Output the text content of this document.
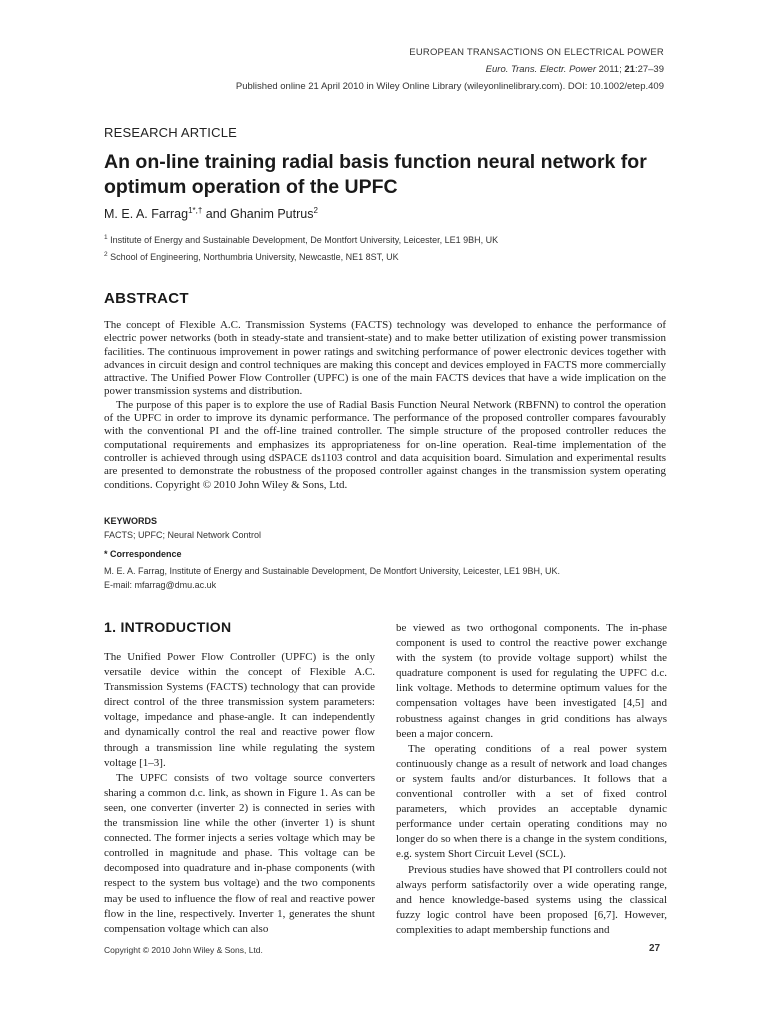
EUROPEAN TRANSACTIONS ON ELECTRICAL POWER
Euro. Trans. Electr. Power 2011; 21:27–39
Published online 21 April 2010 in Wiley Online Library (wileyonlinelibrary.com). DOI: 10.1002/etep.409
RESEARCH ARTICLE
An on-line training radial basis function neural network for optimum operation of the UPFC
M. E. A. Farrag$^{1*,\dagger}$ and Ghanim Putrus$^2$
$^1$ Institute of Energy and Sustainable Development, De Montfort University, Leicester, LE1 9BH, UK
$^2$ School of Engineering, Northumbria University, Newcastle, NE1 8ST, UK
ABSTRACT

The concept of Flexible A.C. Transmission Systems (FACTS) technology was developed to enhance the performance of electric power networks (both in steady-state and transient-state) and to make better utilization of existing power transmission facilities. The continuous improvement in power ratings and switching performance of power electronic devices together with advances in circuit design and control techniques are making this concept and devices employed in FACTS more commercially attractive. The Unified Power Flow Controller (UPFC) is one of the main FACTS devices that have a wide implication on the power transmission systems and distribution.

The purpose of this paper is to explore the use of Radial Basis Function Neural Network (RBFNN) to control the operation of the UPFC in order to improve its dynamic performance. The performance of the proposed controller compares favourably with the conventional PI and the off-line trained controller. The simple structure of the proposed controller reduces the computational requirements and emphasizes its appropriateness for on-line operation. Real-time implementation of the controller is achieved through using dSPACE ds1103 control and data acquisition board. Simulation and experimental results are presented to demonstrate the robustness of the proposed controller against changes in the transmission system operating conditions. Copyright © 2010 John Wiley & Sons, Ltd.

KEYWORDS
FACTS; UPFC; Neural Network Control
* Correspondence
M. E. A. Farrag, Institute of Energy and Sustainable Development, De Montfort University, Leicester, LE1 9BH, UK.
E-mail: mfarrag@dmu.ac.uk
1. INTRODUCTION

The Unified Power Flow Controller (UPFC) is the only versatile device within the concept of Flexible A.C. Transmission Systems (FACTS) technology that can provide direct control of the three transmission system parameters: voltage, impedance and phase-angle. It can independently and dynamically control the real and reactive power flow through a transmission line while regulating the system voltage [1–3].

The UPFC consists of two voltage source converters sharing a common d.c. link, as shown in Figure 1. As can be seen, one converter (inverter 2) is connected in series with the transmission line while the other (inverter 1) is shunt connected. The former injects a series voltage which may be controlled in magnitude and phase. This voltage can be decomposed into quadrature and in-phase components (with respect to the system bus voltage) and the two components may be used to influence the flow of real and reactive power flow in the line, respectively. Inverter 1, generates the shunt compensation voltage which can also

be viewed as two orthogonal components. The in-phase component is used to control the reactive power exchange with the system (to provide voltage support) whilst the quadrature component is used for regulating the UPFC d.c. link voltage. Methods to determine optimum values for the compensation voltages have been investigated [4,5] and robustness against changes in grid conditions has always been a major concern.

The operating conditions of a real power system continuously change as a result of network and load changes or system faults and/or disturbances. It follows that a conventional controller with a set of fixed control parameters, which provides an acceptable dynamic performance under certain operating conditions may no longer do so when there is a change in the system conditions, e.g. system Short Circuit Level (SCL).

Previous studies have showed that PI controllers could not always perform satisfactorily over a wide operating range, and hence knowledge-based systems using the classical fuzzy logic control have been proposed [6,7]. However, complexities to adapt membership functions and

Copyright © 2010 John Wiley & Sons, Ltd.	27
